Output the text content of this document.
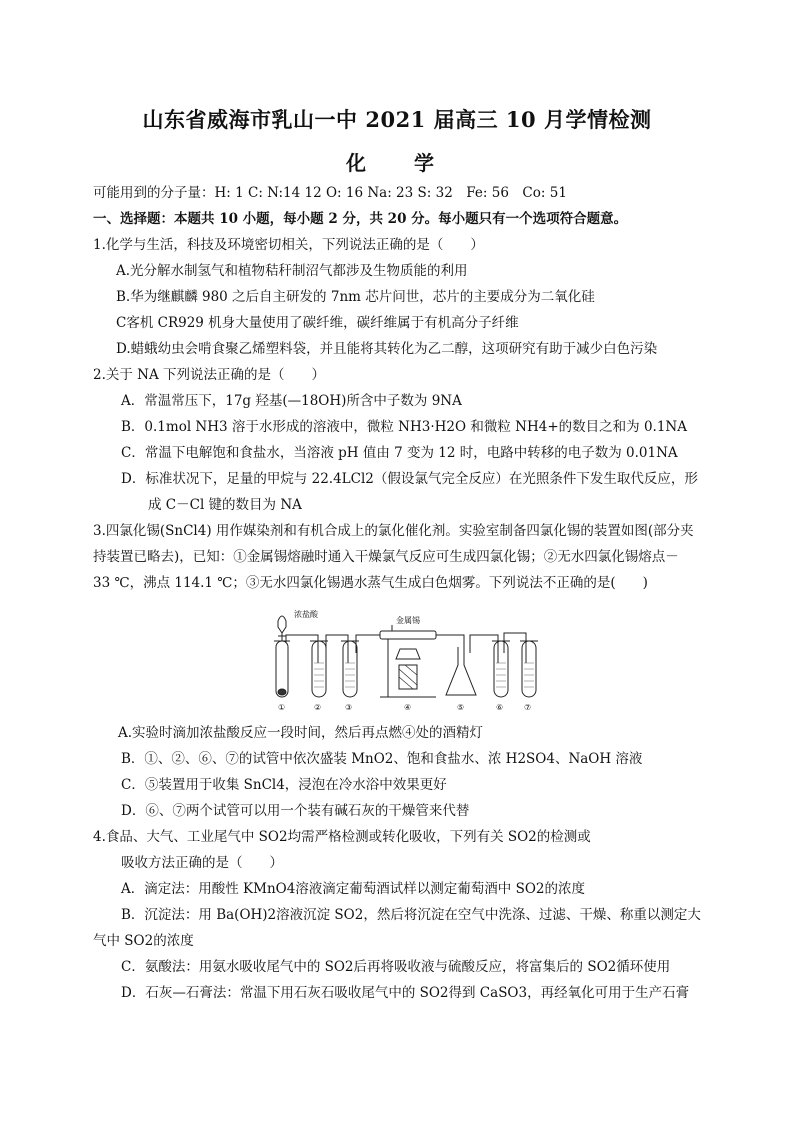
山东省威海市乳山一中 2021 届高三 10 月学情检测
化　学
可能用到的分子量：H: 1 C: N:14 12 O: 16 Na: 23 S: 32　Fe: 56　Co: 51
一、选择题：本题共 10 小题，每小题 2 分，共 20 分。每小题只有一个选项符合题意。
1.化学与生活，科技及环境密切相关，下列说法正确的是（　　）
A.光分解水制氢气和植物秸秆制沼气都涉及生物质能的利用
B.华为继麒麟 980 之后自主研发的 7nm 芯片问世，芯片的主要成分为二氧化硅
C客机 CR929 机身大量使用了碳纤维，碳纤维属于有机高分子纤维
D.蜡蛾幼虫会啃食聚乙烯塑料袋，并且能将其转化为乙二醇，这项研究有助于减少白色污染
2.关于 NA 下列说法正确的是（　　）
A．常温常压下，17g 羟基(—18OH)所含中子数为 9NA
B．0.1mol NH3 溶于水形成的溶液中，微粒 NH3·H2O 和微粒 NH4+的数目之和为 0.1NA
C．常温下电解饱和食盐水，当溶液 pH 值由 7 变为 12 时，电路中转移的电子数为 0.01NA
D．标准状况下，足量的甲烷与 22.4LCl2（假设氯气完全反应）在光照条件下发生取代反应，形
成 C－Cl 键的数目为 NA
3.四氯化锡(SnCl4) 用作媒染剂和有机合成上的氯化催化剂。实验室制备四氯化锡的装置如图(部分夹
持装置已略去)，已知：①金属锡熔融时通入干燥氯气反应可生成四氯化锡；②无水四氯化锡熔点－
33 ℃，沸点 114.1 ℃；③无水四氯化锡遇水蒸气生成白色烟雾。下列说法不正确的是(　　)
浓盐酸
金属锡
①	②	③	④	⑤	⑥	⑦
A.实验时滴加浓盐酸反应一段时间，然后再点燃④处的酒精灯
B．①、②、⑥、⑦的试管中依次盛装 MnO2、饱和食盐水、浓 H2SO4、NaOH 溶液
C．⑤装置用于收集 SnCl4，浸泡在冷水浴中效果更好
D．⑥、⑦两个试管可以用一个装有碱石灰的干燥管来代替
4.食品、大气、工业尾气中 SO2均需严格检测或转化吸收，下列有关 SO2的检测或
吸收方法正确的是（　　）
A．滴定法：用酸性 KMnO4溶液滴定葡萄酒试样以测定葡萄酒中 SO2的浓度
B．沉淀法：用 Ba(OH)2溶液沉淀 SO2，然后将沉淀在空气中洗涤、过滤、干燥、称重以测定大
气中 SO2的浓度
C．氨酸法：用氨水吸收尾气中的 SO2后再将吸收液与硫酸反应，将富集后的 SO2循环使用
D．石灰—石膏法：常温下用石灰石吸收尾气中的 SO2得到 CaSO3，再经氧化可用于生产石膏
